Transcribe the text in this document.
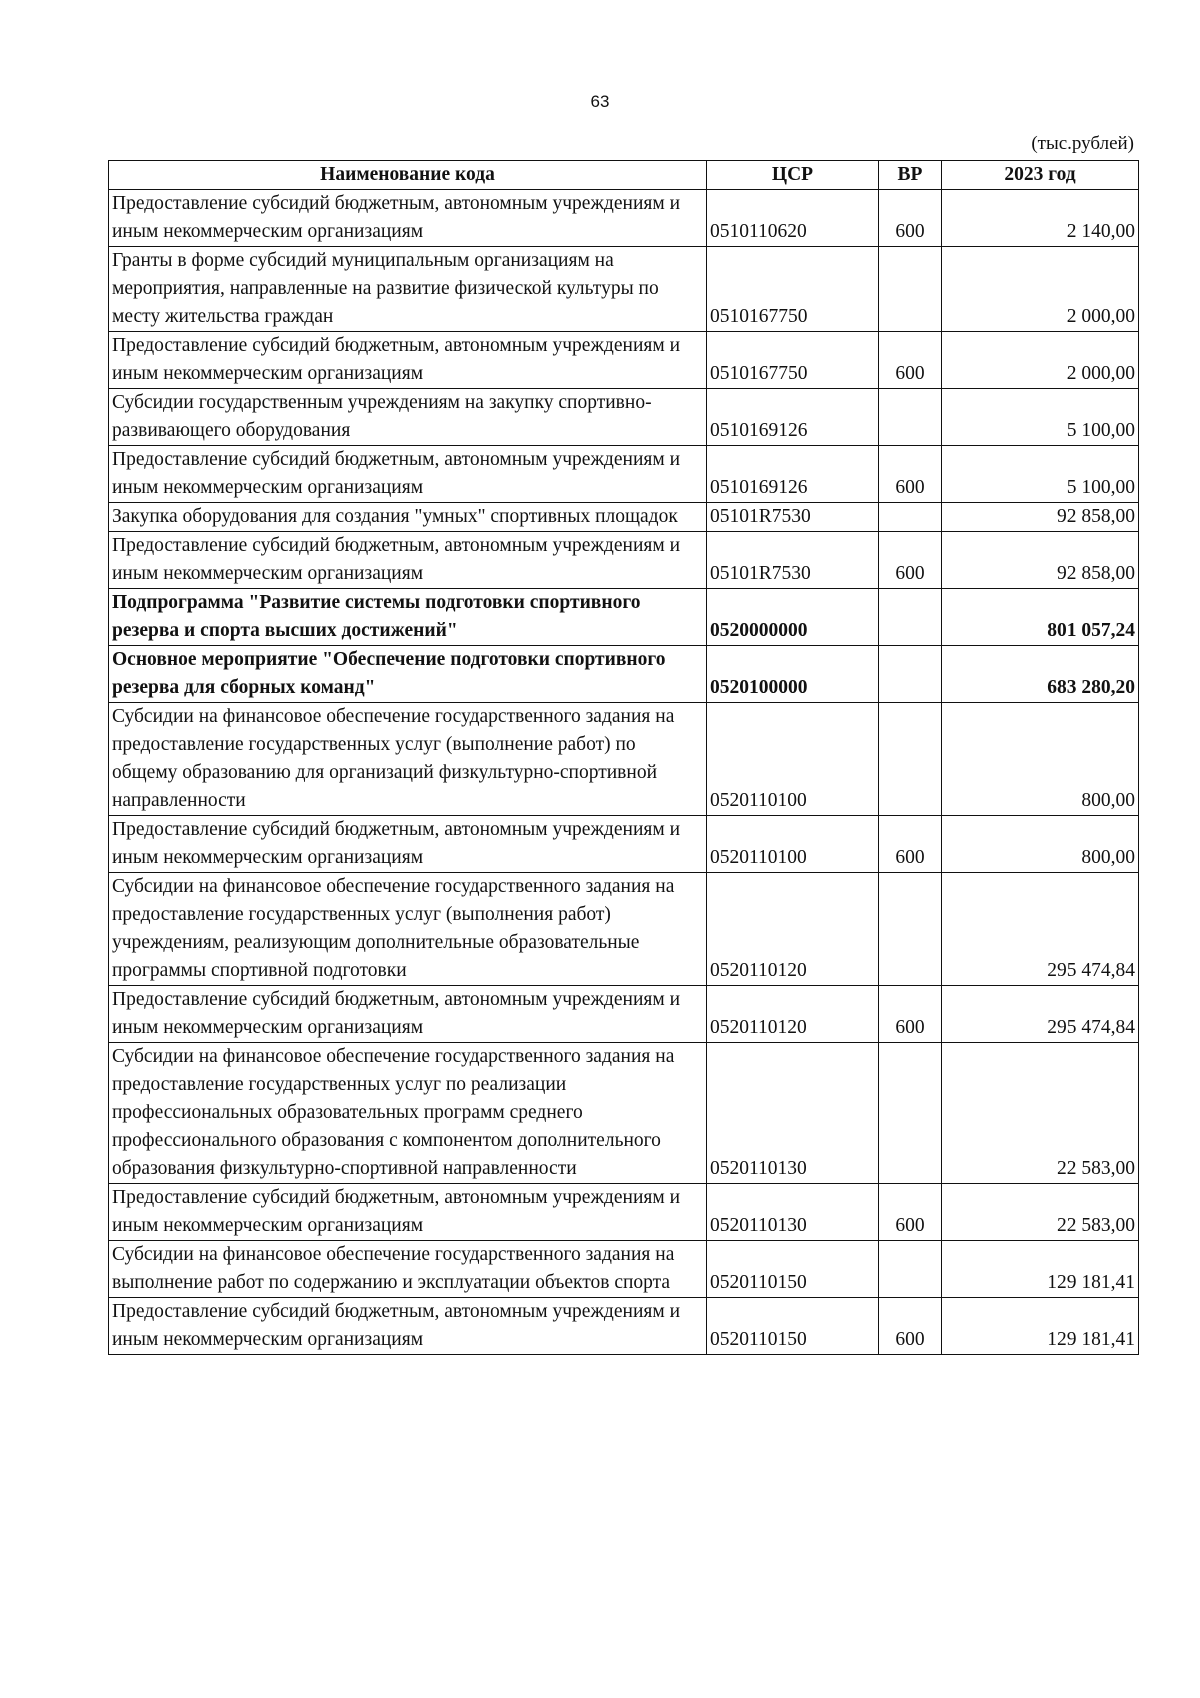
63
(тыс.рублей)
Наименование кода	ЦСР	ВР	2023 год
Предоставление субсидий бюджетным, автономным учреждениям и иным некоммерческим организациям	0510110620	600	2 140,00
Гранты в форме субсидий муниципальным организациям на мероприятия, направленные на развитие физической культуры по месту жительства граждан	0510167750		2 000,00
Предоставление субсидий бюджетным, автономным учреждениям и иным некоммерческим организациям	0510167750	600	2 000,00
Субсидии государственным учреждениям на закупку спортивно-развивающего оборудования	0510169126		5 100,00
Предоставление субсидий бюджетным, автономным учреждениям и иным некоммерческим организациям	0510169126	600	5 100,00
Закупка оборудования для создания "умных" спортивных площадок	05101R7530		92 858,00
Предоставление субсидий бюджетным, автономным учреждениям и иным некоммерческим организациям	05101R7530	600	92 858,00
Подпрограмма "Развитие системы подготовки спортивного резерва и спорта высших достижений"	0520000000		801 057,24
Основное мероприятие "Обеспечение подготовки спортивного резерва для сборных команд"	0520100000		683 280,20
Субсидии на финансовое обеспечение государственного задания на предоставление государственных услуг (выполнение работ) по общему образованию для организаций физкультурно-спортивной направленности	0520110100		800,00
Предоставление субсидий бюджетным, автономным учреждениям и иным некоммерческим организациям	0520110100	600	800,00
Субсидии на финансовое обеспечение государственного задания на предоставление государственных услуг (выполнения работ) учреждениям, реализующим дополнительные образовательные программы спортивной подготовки	0520110120		295 474,84
Предоставление субсидий бюджетным, автономным учреждениям и иным некоммерческим организациям	0520110120	600	295 474,84
Субсидии на финансовое обеспечение государственного задания на предоставление государственных услуг по реализации профессиональных образовательных программ среднего профессионального образования с компонентом дополнительного образования физкультурно-спортивной направленности	0520110130		22 583,00
Предоставление субсидий бюджетным, автономным учреждениям и иным некоммерческим организациям	0520110130	600	22 583,00
Субсидии на финансовое обеспечение государственного задания на выполнение работ по содержанию и эксплуатации объектов спорта	0520110150		129 181,41
Предоставление субсидий бюджетным, автономным учреждениям и иным некоммерческим организациям	0520110150	600	129 181,41
